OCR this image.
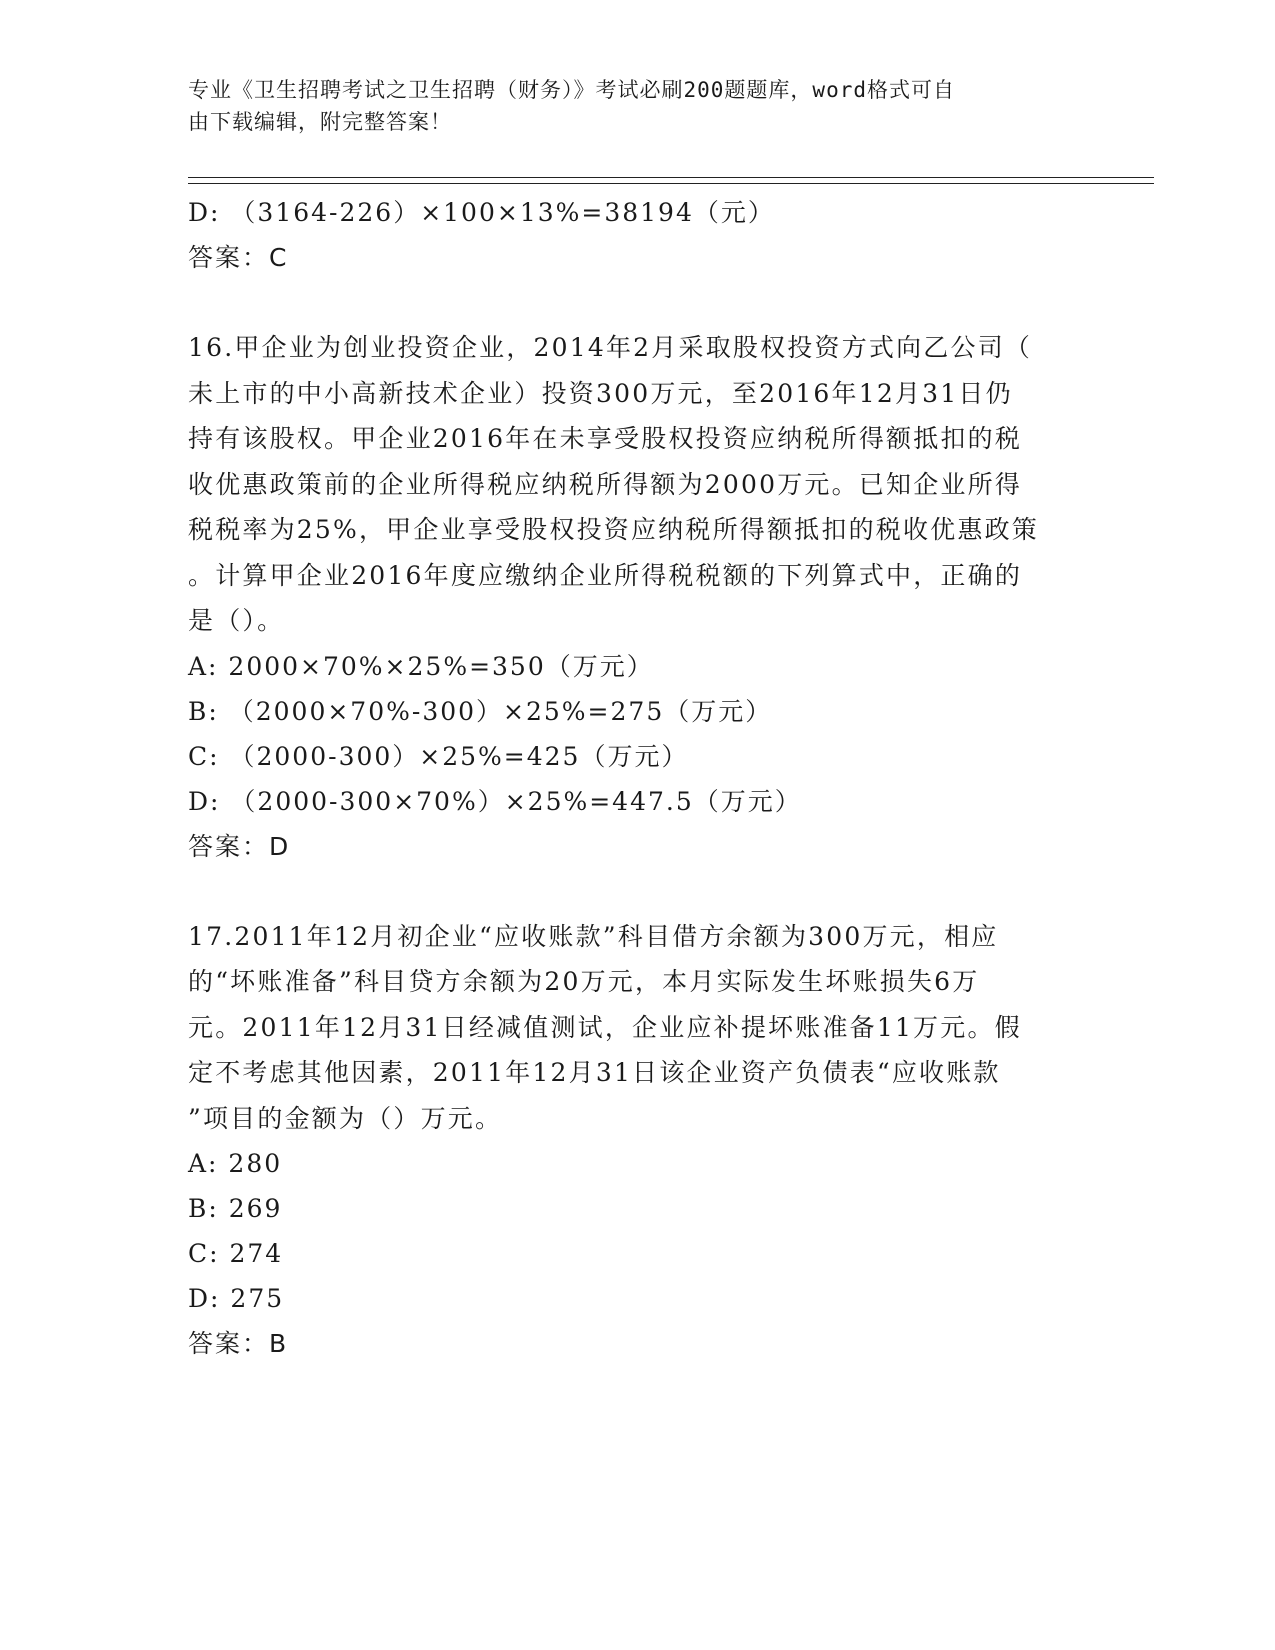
专业《卫生招聘考试之卫生招聘（财务）》考试必刷200题题库，word格式可自
由下载编辑，附完整答案！
D: （3164-226）×100×13%=38194（元）
答案：C
16.甲企业为创业投资企业，2014年2月采取股权投资方式向乙公司（
未上市的中小高新技术企业）投资300万元，至2016年12月31日仍
持有该股权。甲企业2016年在未享受股权投资应纳税所得额抵扣的税
收优惠政策前的企业所得税应纳税所得额为2000万元。已知企业所得
税税率为25%，甲企业享受股权投资应纳税所得额抵扣的税收优惠政策
。计算甲企业2016年度应缴纳企业所得税税额的下列算式中，正确的
是（）。
A: 2000×70%×25%=350（万元）
B: （2000×70%-300）×25%=275（万元）
C: （2000-300）×25%=425（万元）
D: （2000-300×70%）×25%=447.5（万元）
答案：D
17.2011年12月初企业“应收账款”科目借方余额为300万元，相应
的“坏账准备”科目贷方余额为20万元，本月实际发生坏账损失6万
元。2011年12月31日经减值测试，企业应补提坏账准备11万元。假
定不考虑其他因素，2011年12月31日该企业资产负债表“应收账款
”项目的金额为（）万元。
A: 280
B: 269
C: 274
D: 275
答案：B
